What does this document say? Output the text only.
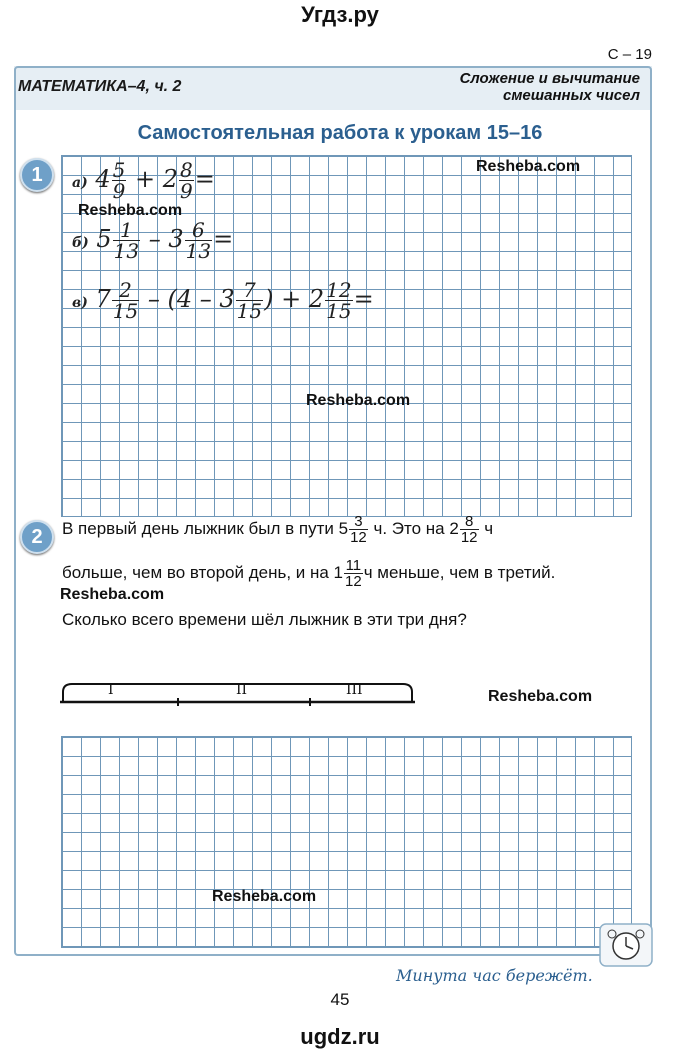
Угдз.ру
С – 19
МАТЕМАТИКА–4, ч. 2	Сложение и вычитание
смешанных чисел
Самостоятельная работа к урокам 15–16
1	а) $4 \frac{5}{9} + 2 \frac{8}{9}$ =
б) $5 \frac{1}{13} - 3 \frac{6}{13}$ =
в) $7 \frac{2}{15} - (4 - 3 \frac{7}{15}$ ) + $2 \frac{12}{15}$ =
2	В первый день лыжник был в пути $5 \frac{3}{12} ч$. Это на $2 \frac{8}{12}$ ч
больше, чем во второй день, и на $1 \frac{11}{12}$ ч меньше, чем в третий.
Сколько всего времени шёл лыжник в эти три дня?
I	II	III
Resheba.com
Resheba.com
Resheba.com
Resheba.com
Resheba.com
Resheba.com
Минута час бережёт.
45
ugdz.ru
